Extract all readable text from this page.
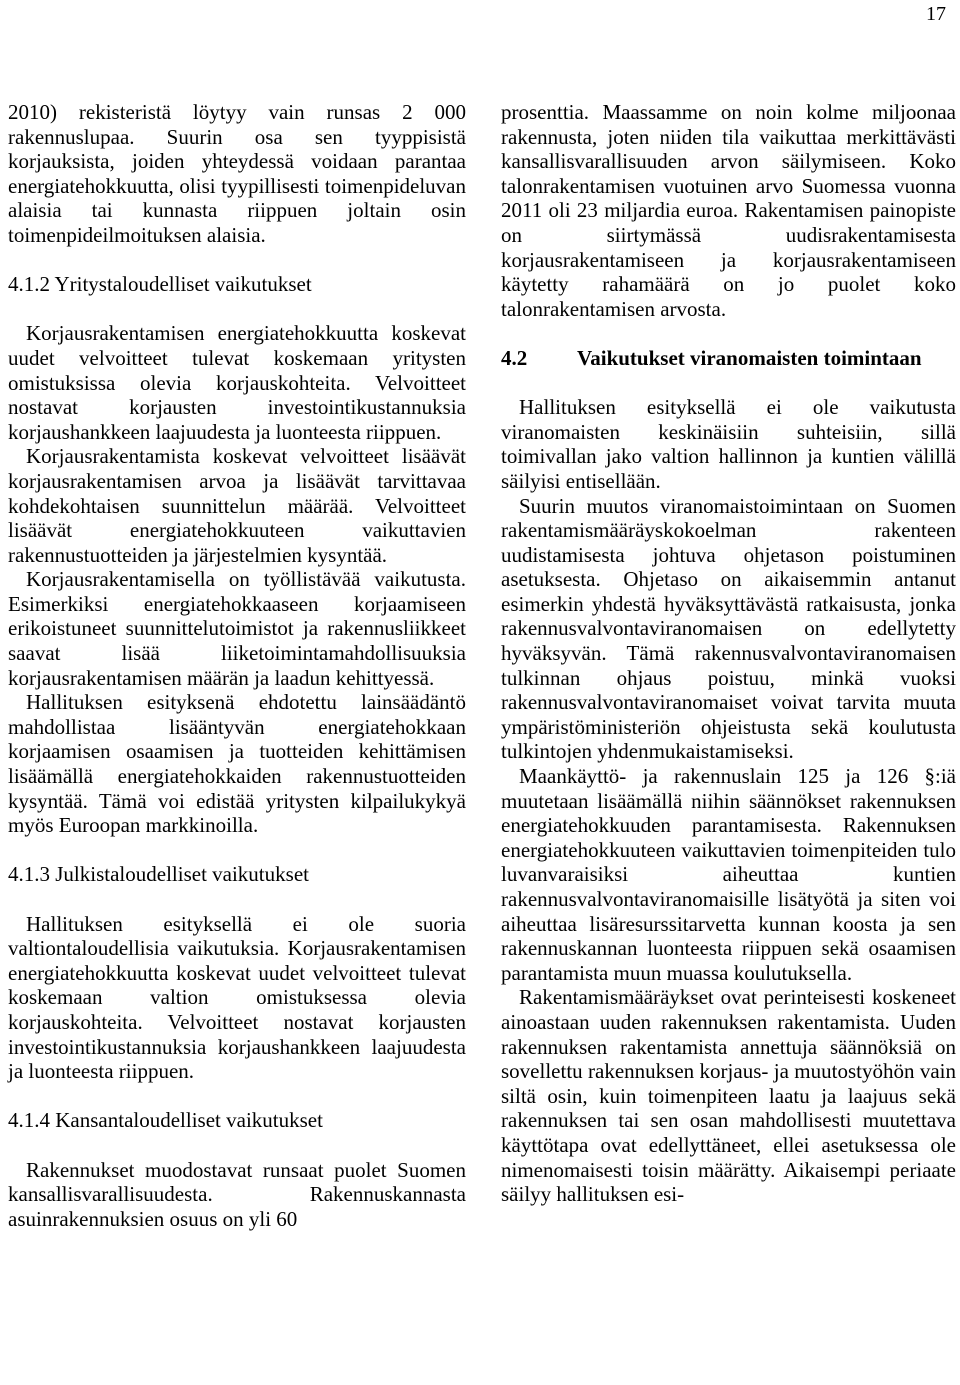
17

2010) rekisteristä löytyy vain runsas 2 000 rakennuslupaa. Suurin osa sen tyyppisistä korjauksista, joiden yhteydessä voidaan parantaa energiatehokkuutta, olisi tyypillisesti toimenpideluvan alaisia tai kunnasta riippuen joltain osin toimenpideilmoituksen alaisia.

4.1.2 Yritystaloudelliset vaikutukset

Korjausrakentamisen energiatehokkuutta koskevat uudet velvoitteet tulevat koskemaan yritysten omistuksissa olevia korjauskohteita. Velvoitteet nostavat korjausten investointikustannuksia korjaushankkeen laajuudesta ja luonteesta riippuen.

Korjausrakentamista koskevat velvoitteet lisäävät korjausrakentamisen arvoa ja lisäävät tarvittavaa kohdekohtaisen suunnittelun määrää. Velvoitteet lisäävät energiatehokkuuteen vaikuttavien rakennustuotteiden ja järjestelmien kysyntää.

Korjausrakentamisella on työllistävää vaikutusta. Esimerkiksi energiatehokkaaseen korjaamiseen erikoistuneet suunnittelutoimistot ja rakennusliikkeet saavat lisää liiketoimintamahdollisuuksia korjausrakentamisen määrän ja laadun kehittyessä.

Hallituksen esityksenä ehdotettu lainsäädäntö mahdollistaa lisääntyvän energiatehokkaan korjaamisen osaamisen ja tuotteiden kehittämisen lisäämällä energiatehokkaiden rakennustuotteiden kysyntää. Tämä voi edistää yritysten kilpailukykyä myös Euroopan markkinoilla.

4.1.3 Julkistaloudelliset vaikutukset

Hallituksen esityksellä ei ole suoria valtiontaloudellisia vaikutuksia. Korjausrakentamisen energiatehokkuutta koskevat uudet velvoitteet tulevat koskemaan valtion omistuksessa olevia korjauskohteita. Velvoitteet nostavat korjausten investointikustannuksia korjaushankkeen laajuudesta ja luonteesta riippuen.

4.1.4 Kansantaloudelliset vaikutukset

Rakennukset muodostavat runsaat puolet Suomen kansallisvarallisuudesta. Rakennuskannasta asuinrakennuksien osuus on yli 60

prosenttia. Maassamme on noin kolme miljoonaa rakennusta, joten niiden tila vaikuttaa merkittävästi kansallisvarallisuuden arvon säilymiseen. Koko talonrakentamisen vuotuinen arvo Suomessa vuonna 2011 oli 23 miljardia euroa. Rakentamisen painopiste on siirtymässä uudisrakentamisesta korjausrakentamiseen ja korjausrakentamiseen käytetty rahamäärä on jo puolet koko talonrakentamisen arvosta.

4.2	Vaikutukset viranomaisten toimintaan

Hallituksen esityksellä ei ole vaikutusta viranomaisten keskinäisiin suhteisiin, sillä toimivallan jako valtion hallinnon ja kuntien välillä säilyisi entisellään.

Suurin muutos viranomaistoimintaan on Suomen rakentamismääräyskokoelman rakenteen uudistamisesta johtuva ohjetason poistuminen asetuksesta. Ohjetaso on aikaisemmin antanut esimerkin yhdestä hyväksyttävästä ratkaisusta, jonka rakennusvalvontaviranomaisen on edellytetty hyväksyvän. Tämä rakennusvalvontaviranomaisen tulkinnan ohjaus poistuu, minkä vuoksi rakennusvalvontaviranomaiset voivat tarvita muuta ympäristöministeriön ohjeistusta sekä koulutusta tulkintojen yhdenmukaistamiseksi.

Maankäyttö- ja rakennuslain 125 ja 126 §:iä muutetaan lisäämällä niihin säännökset rakennuksen energiatehokkuuden parantamisesta. Rakennuksen energiatehokkuuteen vaikuttavien toimenpiteiden tulo luvanvaraisiksi aiheuttaa kuntien rakennusvalvontaviranomaisille lisätyötä ja siten voi aiheuttaa lisäresurssitarvetta kunnan koosta ja sen rakennuskannan luonteesta riippuen sekä osaamisen parantamista muun muassa koulutuksella.

Rakentamismääräykset ovat perinteisesti koskeneet ainoastaan uuden rakennuksen rakentamista. Uuden rakennuksen rakentamista annettuja säännöksiä on sovellettu rakennuksen korjaus- ja muutostyöhön vain siltä osin, kuin toimenpiteen laatu ja laajuus sekä rakennuksen tai sen osan mahdollisesti muutettava käyttötapa ovat edellyttäneet, ellei asetuksessa ole nimenomaisesti toisin määrätty. Aikaisempi periaate säilyy hallituksen esi-
